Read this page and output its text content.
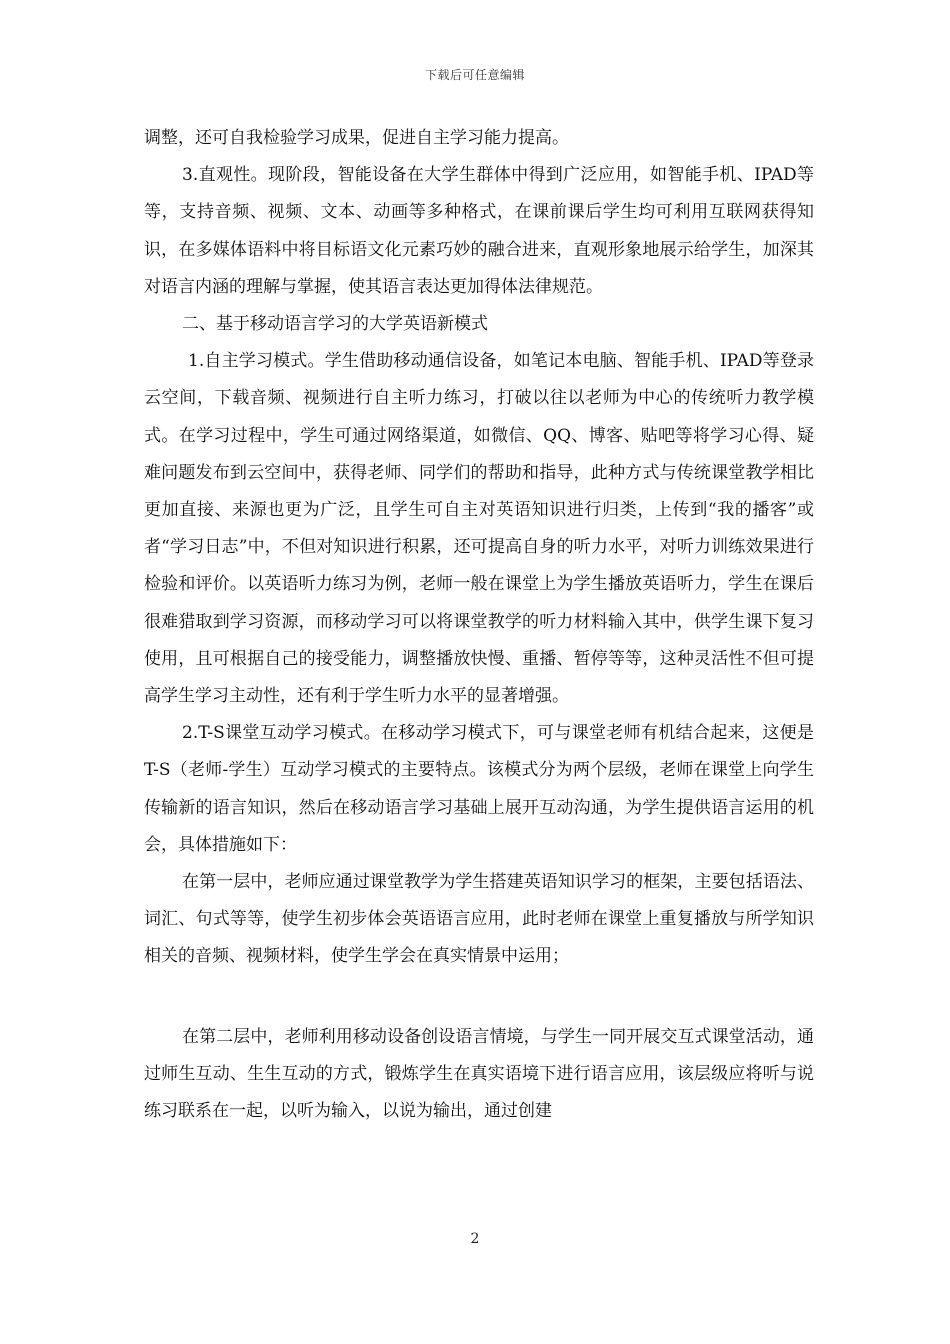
下载后可任意编辑

调整，还可自我检验学习成果，促进自主学习能力提高。

3.直观性。现阶段，智能设备在大学生群体中得到广泛应用，如智能手机、IPAD等等，支持音频、视频、文本、动画等多种格式，在课前课后学生均可利用互联网获得知识，在多媒体语料中将目标语文化元素巧妙的融合进来，直观形象地展示给学生，加深其对语言内涵的理解与掌握，使其语言表达更加得体法律规范。

二、基于移动语言学习的大学英语新模式

1.自主学习模式。学生借助移动通信设备，如笔记本电脑、智能手机、IPAD等登录云空间，下载音频、视频进行自主听力练习，打破以往以老师为中心的传统听力教学模式。在学习过程中，学生可通过网络渠道，如微信、QQ、博客、贴吧等将学习心得、疑难问题发布到云空间中，获得老师、同学们的帮助和指导，此种方式与传统课堂教学相比更加直接、来源也更为广泛，且学生可自主对英语知识进行归类，上传到“我的播客”或者“学习日志”中，不但对知识进行积累，还可提高自身的听力水平，对听力训练效果进行检验和评价。以英语听力练习为例，老师一般在课堂上为学生播放英语听力，学生在课后很难猎取到学习资源，而移动学习可以将课堂教学的听力材料输入其中，供学生课下复习使用，且可根据自己的接受能力，调整播放快慢、重播、暂停等等，这种灵活性不但可提高学生学习主动性，还有利于学生听力水平的显著增强。

2.T-S课堂互动学习模式。在移动学习模式下，可与课堂老师有机结合起来，这便是T-S（老师-学生）互动学习模式的主要特点。该模式分为两个层级，老师在课堂上向学生传输新的语言知识，然后在移动语言学习基础上展开互动沟通，为学生提供语言运用的机会，具体措施如下：

在第一层中，老师应通过课堂教学为学生搭建英语知识学习的框架，主要包括语法、词汇、句式等等，使学生初步体会英语语言应用，此时老师在课堂上重复播放与所学知识相关的音频、视频材料，使学生学会在真实情景中运用；

在第二层中，老师利用移动设备创设语言情境，与学生一同开展交互式课堂活动，通过师生互动、生生互动的方式，锻炼学生在真实语境下进行语言应用，该层级应将听与说练习联系在一起，以听为输入，以说为输出，通过创建

2
